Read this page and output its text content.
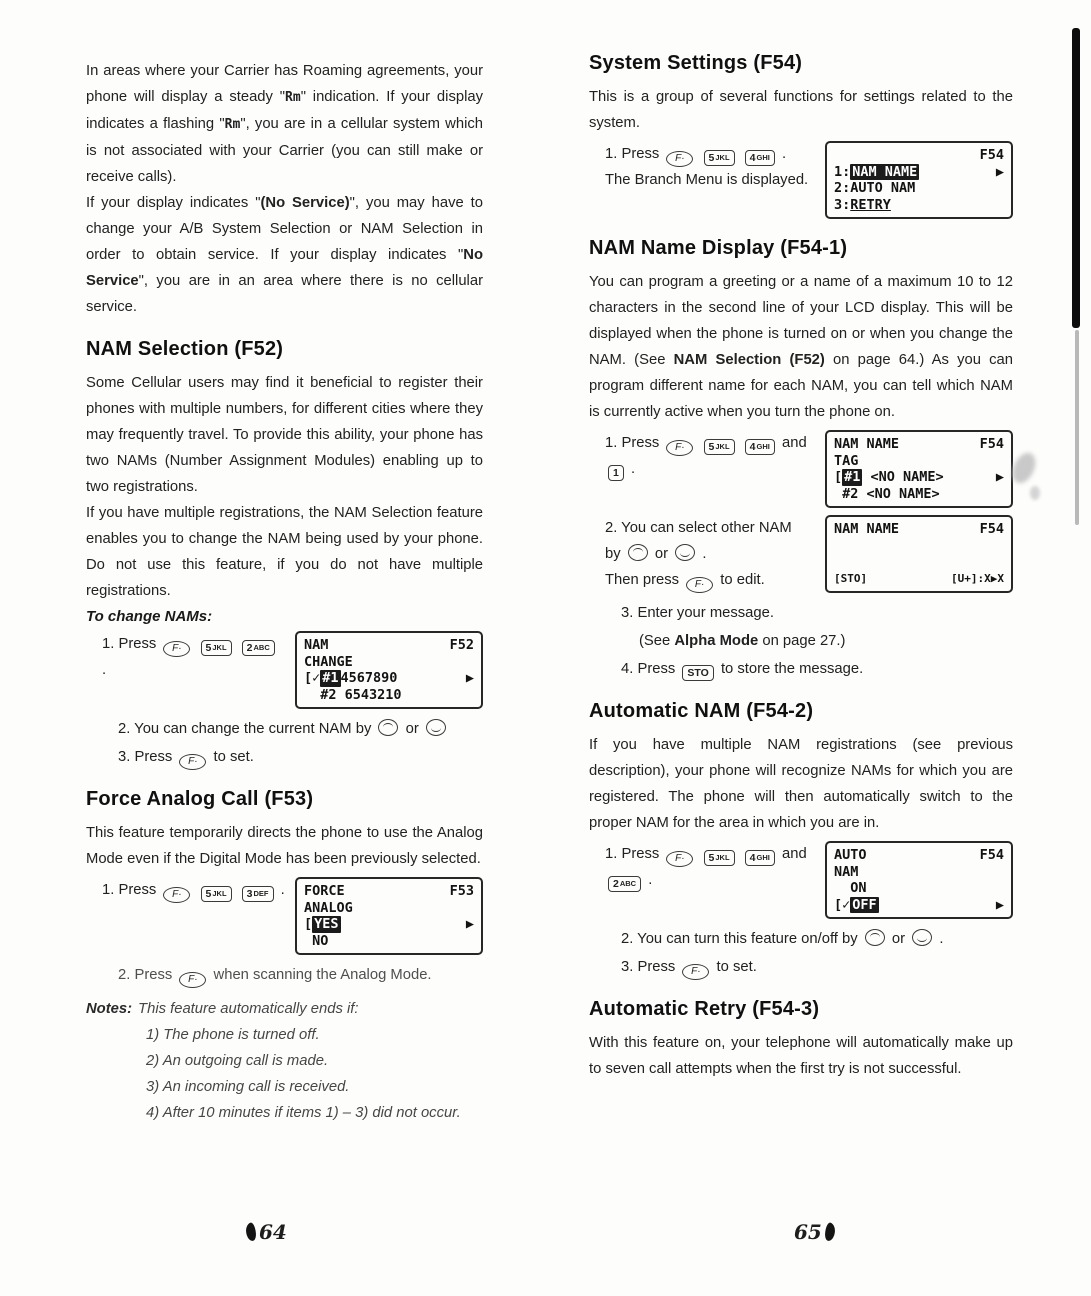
In areas where your Carrier has Roaming agreements, your phone will display a steady "Rm" indication. If your display indicates a flashing "Rm", you are in a cellular system which is not associated with your Carrier (you can still make or receive calls).

If your display indicates "(No Service)", you may have to change your A/B System Selection or NAM Selection in order to obtain service. If your display indicates "No Service", you are in an area where there is no cellular service.

NAM Selection (F52)

Some Cellular users may find it beneficial to register their phones with multiple numbers, for different cities where they may frequently travel. To provide this ability, your phone has two NAMs (Number Assignment Modules) enabling up to two registrations.

If you have multiple registrations, the NAM Selection feature enables you to change the NAM being used by your phone. Do not use this feature, if you do not have multiple registrations.

To change NAMs:
1. Press F· 5 JKL
2 ABC
.
NAM	F52
CHANGE
[✓ #1 4567890	▶
#2 6543210
2. You can change the current NAM by or
3. Press F· to set.
Force Analog Call (F53)

This feature temporarily directs the phone to use the Analog Mode even if the Digital Mode has been previously selected.

1. Press F· 5 JKL
3 DEF . FORCE	F53
ANALOG
[ YES	▶
NO
2. Press F· when scanning the Analog Mode.
Notes: This feature automatically ends if:
1) The phone is turned off.
2) An outgoing call is made.
3) An incoming call is received.
4) After 10 minutes if items 1) – 3) did not occur.
System Settings (F54)

This is a group of several functions for settings related to the system.

1. Press F· 5 JKL
4 GHI .
The Branch Menu is displayed.
F54
1: NAM NAME	▶
2:AUTO NAM
3: RETRY
NAM Name Display (F54-1)

You can program a greeting or a name of a maximum 10 to 12 characters in the second line of your LCD display. This will be displayed when the phone is turned on or when you change the NAM. (See NAM Selection (F52) on page 64.) As you can program different name for each NAM, you can tell which NAM is currently active when you turn the phone on.

1. Press F· 5 JKL
4 GHI and
1 .
NAM NAME	F54
TAG
[ #1 <NO NAME>	▶
#2 <NO NAME>
2. You can select other NAM
by or .
Then press F· to edit.
NAM NAME	F54

[STO]	[U+]:X▶X
3. Enter your message.
(See Alpha Mode on page 27.)
4. Press STO to store the message.
Automatic NAM (F54-2)

If you have multiple NAM registrations (see previous description), your phone will recognize NAMs for which you are registered. The phone will then automatically switch to the proper NAM for the area in which you are in.

1. Press F· 5 JKL
4 GHI and
2 ABC .
AUTO	F54
NAM
ON
[✓ OFF	▶
2. You can turn this feature on/off by or .
3. Press F· to set.
Automatic Retry (F54-3)

With this feature on, your telephone will automatically make up to seven call attempts when the first try is not successful.

64	65
